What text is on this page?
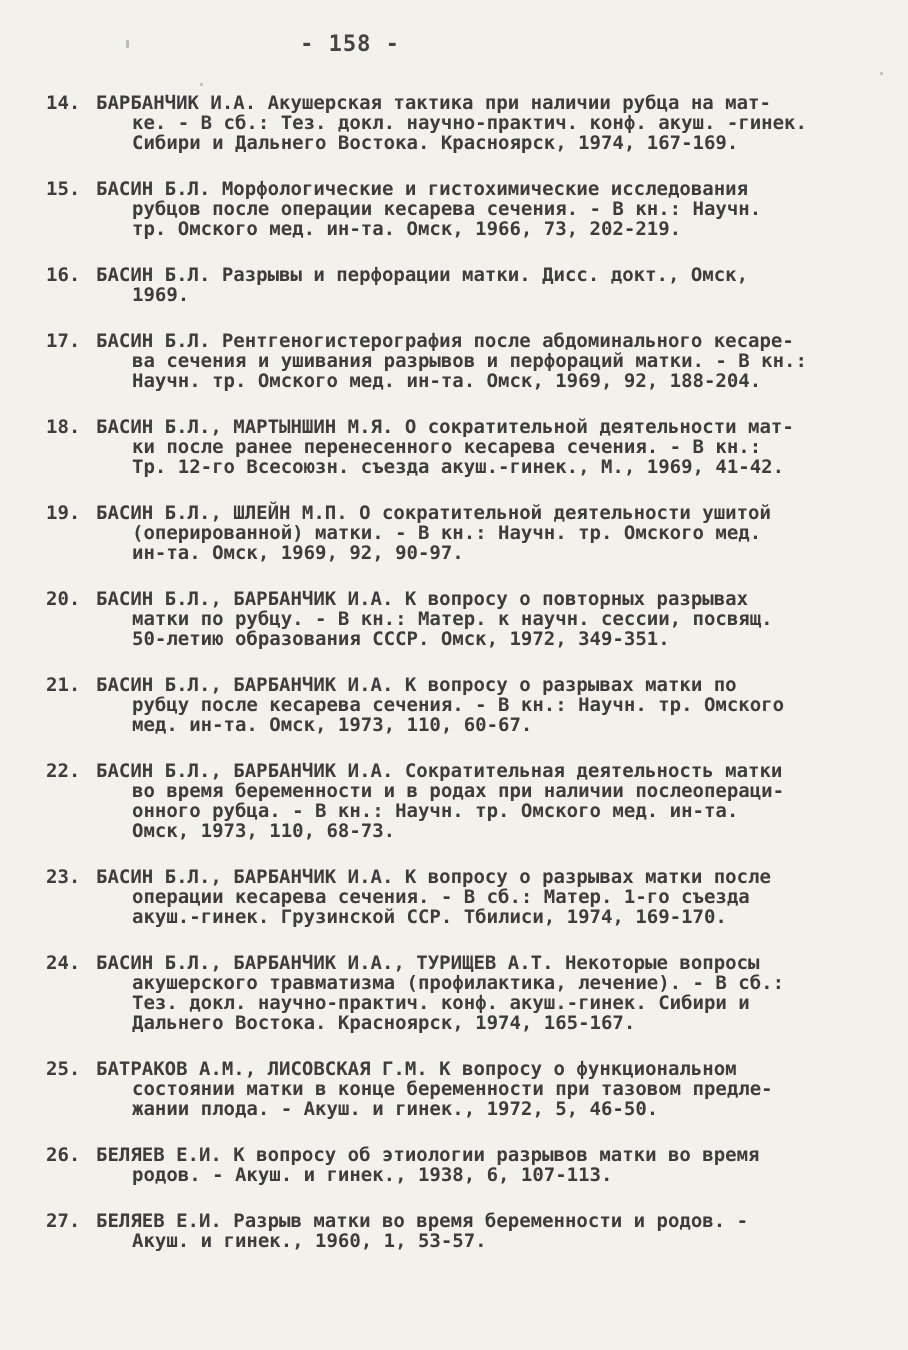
- 158 -
14. БАРБАНЧИК И.А. Акушерская тактика при наличии рубца на мат-
ке. - В сб.: Тез. докл. научно-практич. конф. акуш. -гинек.
Сибири и Дальнего Востока. Красноярск, 1974, 167-169.
15. БАСИН Б.Л. Морфологические и гистохимические исследования
рубцов после операции кесарева сечения. - В кн.: Научн.
тр. Омского мед. ин-та. Омск, 1966, 73, 202-219.
16. БАСИН Б.Л. Разрывы и перфорации матки. Дисс. докт., Омск,
1969.
17. БАСИН Б.Л. Рентгеногистерография после абдоминального кесаре-
ва сечения и ушивания разрывов и перфораций матки. - В кн.:
Научн. тр. Омского мед. ин-та. Омск, 1969, 92, 188-204.
18. БАСИН Б.Л., МАРТЫНШИН М.Я. О сократительной деятельности мат-
ки после ранее перенесенного кесарева сечения. - В кн.:
Тр. 12-го Всесоюзн. съезда акуш.-гинек., М., 1969, 41-42.
19. БАСИН Б.Л., ШЛЕЙН М.П. О сократительной деятельности ушитой
(оперированной) матки. - В кн.: Научн. тр. Омского мед.
ин-та. Омск, 1969, 92, 90-97.
20. БАСИН Б.Л., БАРБАНЧИК И.А. К вопросу о повторных разрывах
матки по рубцу. - В кн.: Матер. к научн. сессии, посвящ.
50-летию образования СССР. Омск, 1972, 349-351.
21. БАСИН Б.Л., БАРБАНЧИК И.А. К вопросу о разрывах матки по
рубцу после кесарева сечения. - В кн.: Научн. тр. Омского
мед. ин-та. Омск, 1973, 110, 60-67.
22. БАСИН Б.Л., БАРБАНЧИК И.А. Сократительная деятельность матки
во время беременности и в родах при наличии послеопераци-
онного рубца. - В кн.: Научн. тр. Омского мед. ин-та.
Омск, 1973, 110, 68-73.
23. БАСИН Б.Л., БАРБАНЧИК И.А. К вопросу о разрывах матки после
операции кесарева сечения. - В сб.: Матер. 1-го съезда
акуш.-гинек. Грузинской ССР. Тбилиси, 1974, 169-170.
24. БАСИН Б.Л., БАРБАНЧИК И.А., ТУРИЩЕВ А.Т. Некоторые вопросы
акушерского травматизма (профилактика, лечение). - В сб.:
Тез. докл. научно-практич. конф. акуш.-гинек. Сибири и
Дальнего Востока. Красноярск, 1974, 165-167.
25. БАТРАКОВ А.М., ЛИСОВСКАЯ Г.М. К вопросу о функциональном
состоянии матки в конце беременности при тазовом предле-
жании плода. - Акуш. и гинек., 1972, 5, 46-50.
26. БЕЛЯЕВ Е.И. К вопросу об этиологии разрывов матки во время
родов. - Акуш. и гинек., 1938, 6, 107-113.
27. БЕЛЯЕВ Е.И. Разрыв матки во время беременности и родов. -
Акуш. и гинек., 1960, 1, 53-57.
